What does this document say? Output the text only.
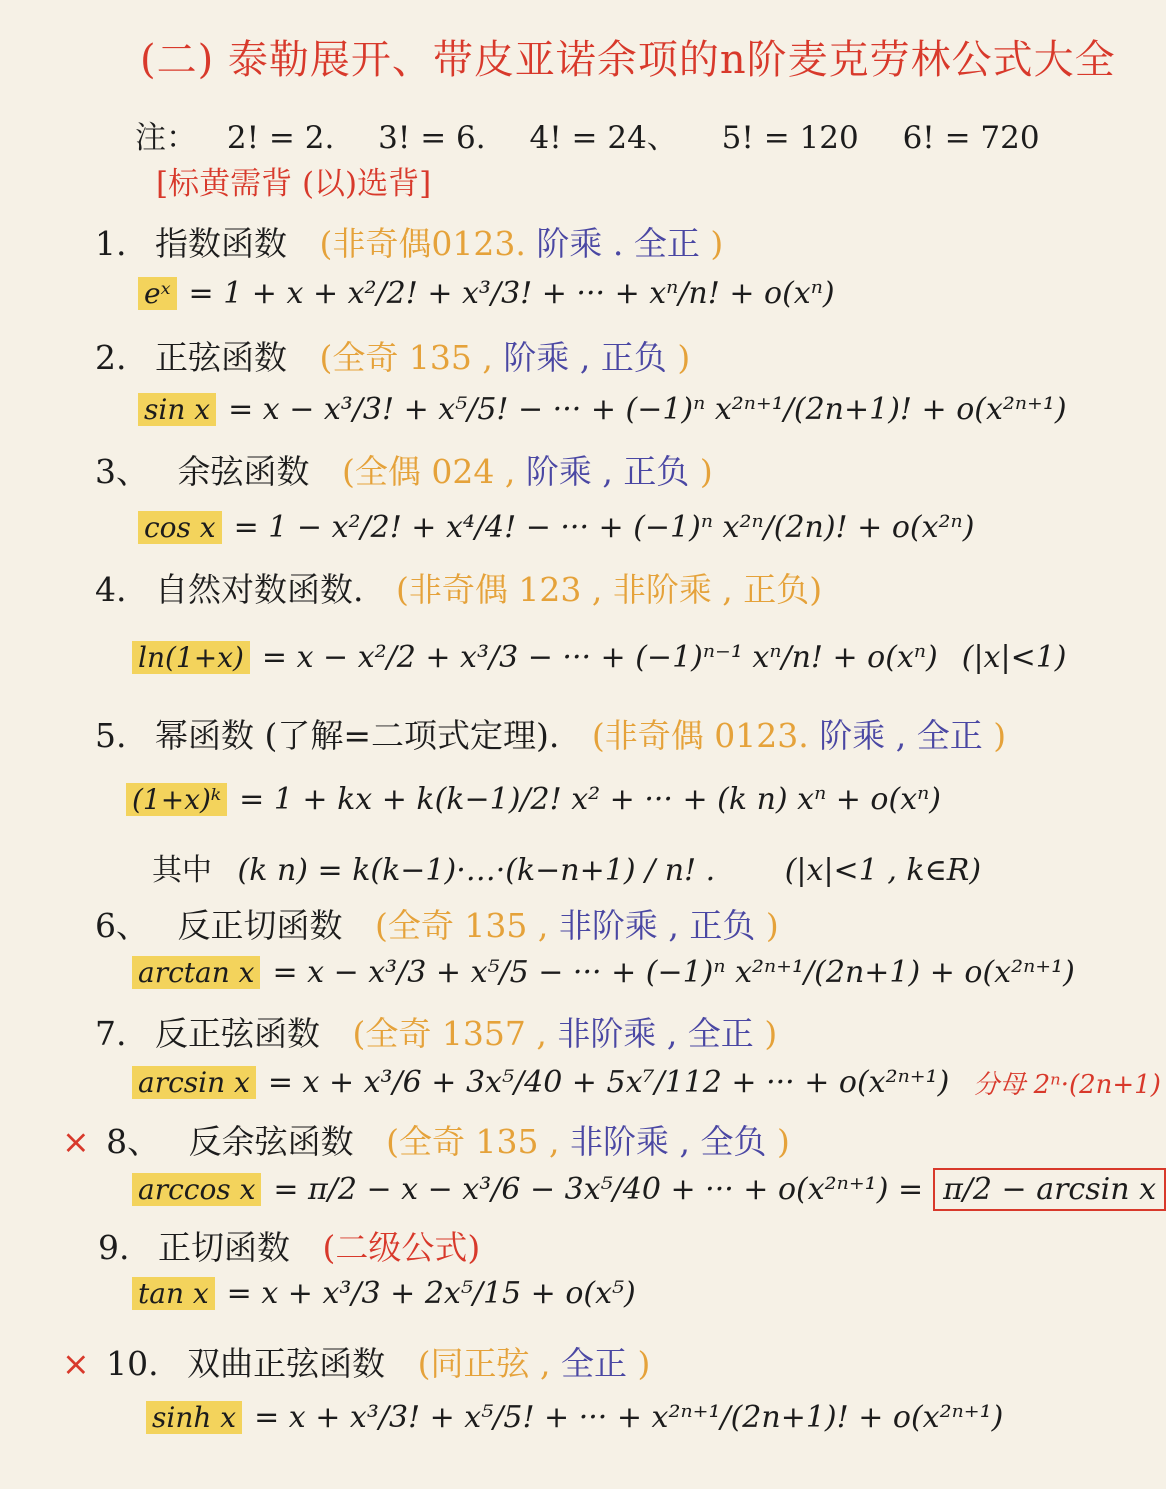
(二) 泰勒展开、带皮亚诺余项的n阶麦克劳林公式大全
注： 2! = 2. 3! = 6. 4! = 24、 5! = 120 6! = 720
[标黄需背 (以)选背]
1. 指数函数 (非奇偶0123. 阶乘 . 全正 )
eˣ = 1 + x + x²/2! + x³/3! + ··· + xⁿ/n! + o(xⁿ)
2. 正弦函数 (全奇 135 , 阶乘 , 正负 )
sin x = x − x³/3! + x⁵/5! − ··· + (−1)ⁿ x²ⁿ⁺¹/(2n+1)! + o(x²ⁿ⁺¹)
3、 余弦函数 (全偶 024 , 阶乘 , 正负 )
cos x = 1 − x²/2! + x⁴/4! − ··· + (−1)ⁿ x²ⁿ/(2n)! + o(x²ⁿ)
4. 自然对数函数. (非奇偶 123 , 非阶乘 , 正负)
ln(1+x) = x − x²/2 + x³/3 − ··· + (−1)ⁿ⁻¹ xⁿ/n! + o(xⁿ) (|x|<1)
5. 幂函数 (了解=二项式定理). (非奇偶 0123. 阶乘 , 全正 )
(1+x)ᵏ = 1 + kx + k(k−1)/2! x² + ··· + (k n) xⁿ + o(xⁿ)
其中 (k n) = k(k−1)·…·(k−n+1) / n! . (|x|<1 , k∈R)
6、 反正切函数 (全奇 135 , 非阶乘 , 正负 )
arctan x = x − x³/3 + x⁵/5 − ··· + (−1)ⁿ x²ⁿ⁺¹/(2n+1) + o(x²ⁿ⁺¹)
7. 反正弦函数 (全奇 1357 , 非阶乘 , 全正 )
arcsin x = x + x³/6 + 3x⁵/40 + 5x⁷/112 + ··· + o(x²ⁿ⁺¹) 分母 2ⁿ·(2n+1)
× 8、 反余弦函数 (全奇 135 , 非阶乘 , 全负 )
arccos x = π/2 − x − x³/6 − 3x⁵/40 + ··· + o(x²ⁿ⁺¹) = π/2 − arcsin x
9. 正切函数 (二级公式)
tan x = x + x³/3 + 2x⁵/15 + o(x⁵)
× 10. 双曲正弦函数 (同正弦 , 全正 )
sinh x = x + x³/3! + x⁵/5! + ··· + x²ⁿ⁺¹/(2n+1)! + o(x²ⁿ⁺¹)
